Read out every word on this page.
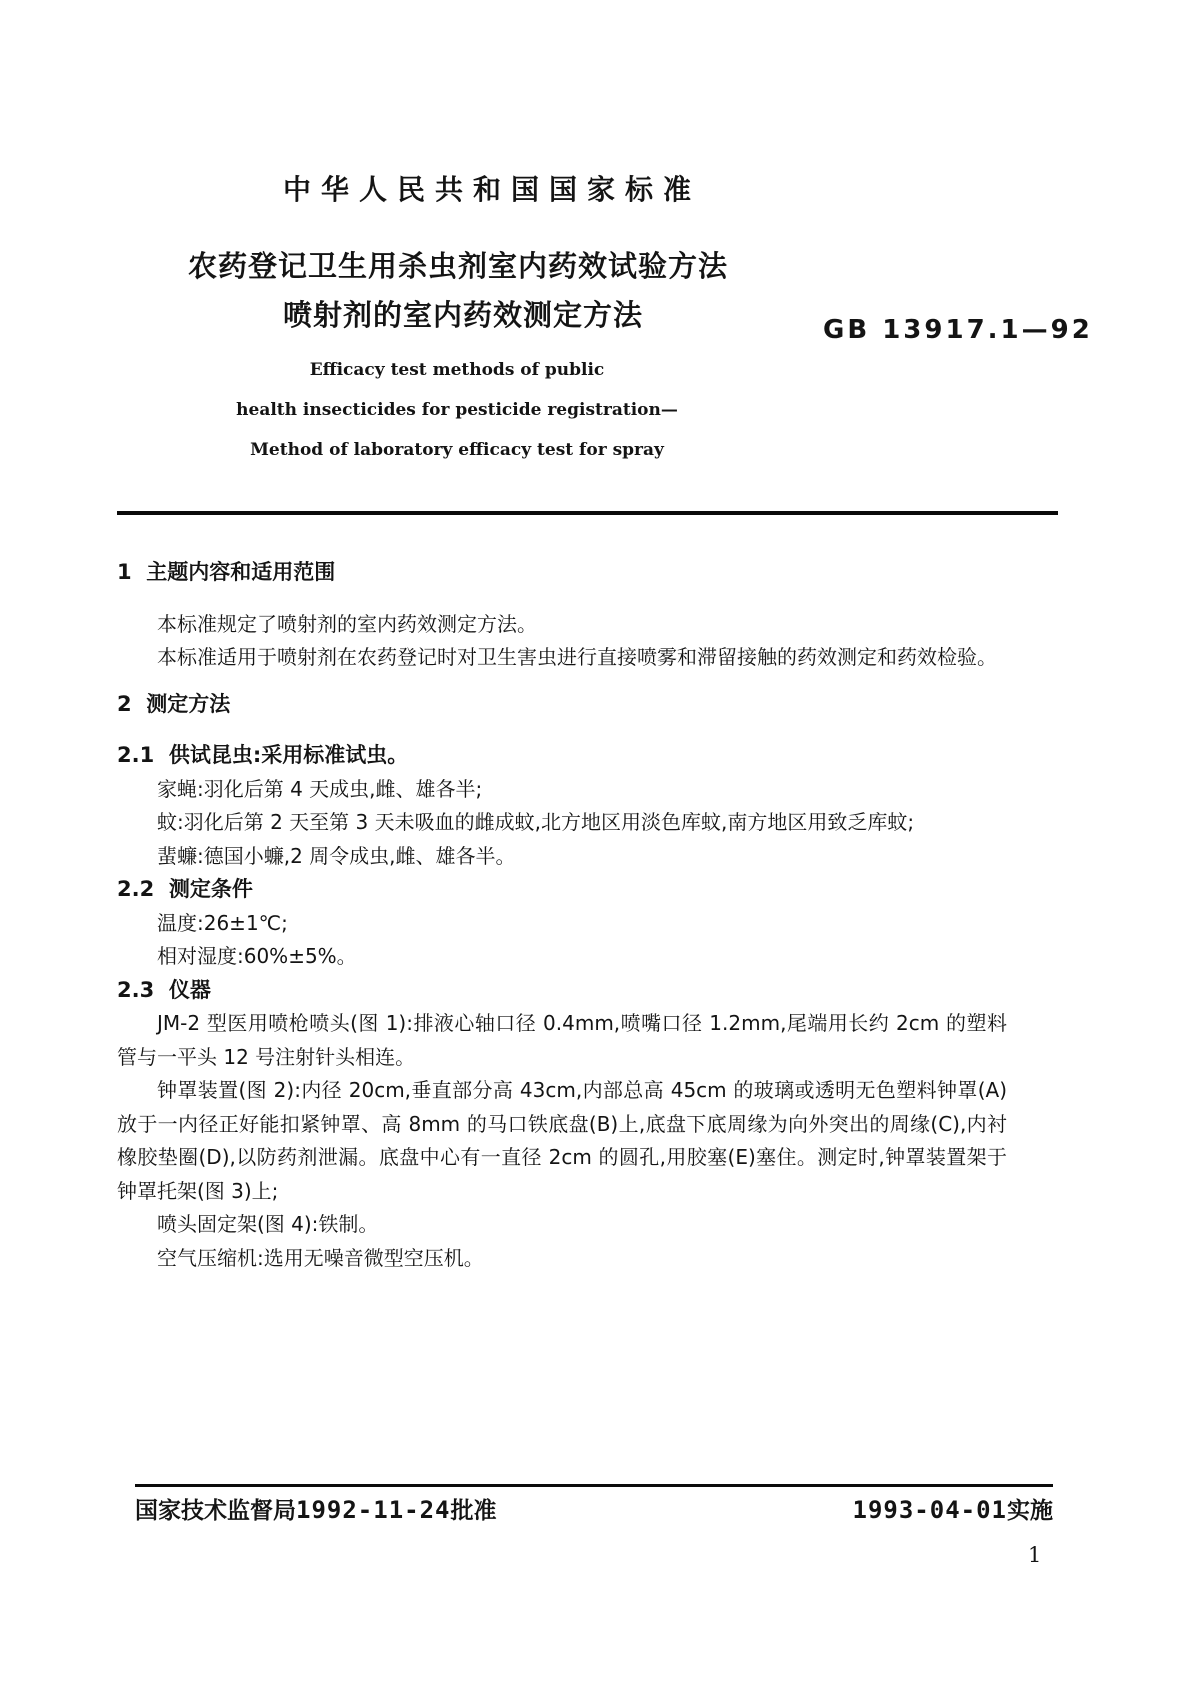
中华人民共和国国家标准
农药登记卫生用杀虫剂室内药效试验方法
喷射剂的室内药效测定方法	GB 13917.1—92
Efficacy test methods of public
health insecticides for pesticide registration—
Method of laboratory efficacy test for spray
1  主题内容和适用范围
本标准规定了喷射剂的室内药效测定方法。
本标准适用于喷射剂在农药登记时对卫生害虫进行直接喷雾和滞留接触的药效测定和药效检验。
2  测定方法
2.1  供试昆虫:采用标准试虫。
家蝇:羽化后第 4 天成虫,雌、雄各半;
蚊:羽化后第 2 天至第 3 天未吸血的雌成蚊,北方地区用淡色库蚊,南方地区用致乏库蚊;
蜚蠊:德国小蠊,2 周令成虫,雌、雄各半。
2.2  测定条件
温度:26±1℃;
相对湿度:60%±5%。
2.3  仪器
JM-2 型医用喷枪喷头(图 1):排液心轴口径 0.4mm,喷嘴口径 1.2mm,尾端用长约 2cm 的塑料管与一平头 12 号注射针头相连。
钟罩装置(图 2):内径 20cm,垂直部分高 43cm,内部总高 45cm 的玻璃或透明无色塑料钟罩(A)放于一内径正好能扣紧钟罩、高 8mm 的马口铁底盘(B)上,底盘下底周缘为向外突出的周缘(C),内衬橡胶垫圈(D),以防药剂泄漏。底盘中心有一直径 2cm 的圆孔,用胶塞(E)塞住。测定时,钟罩装置架于钟罩托架(图 3)上;
喷头固定架(图 4):铁制。
空气压缩机:选用无噪音微型空压机。
国家技术监督局1992-11-24批准	1993-04-01实施
1
